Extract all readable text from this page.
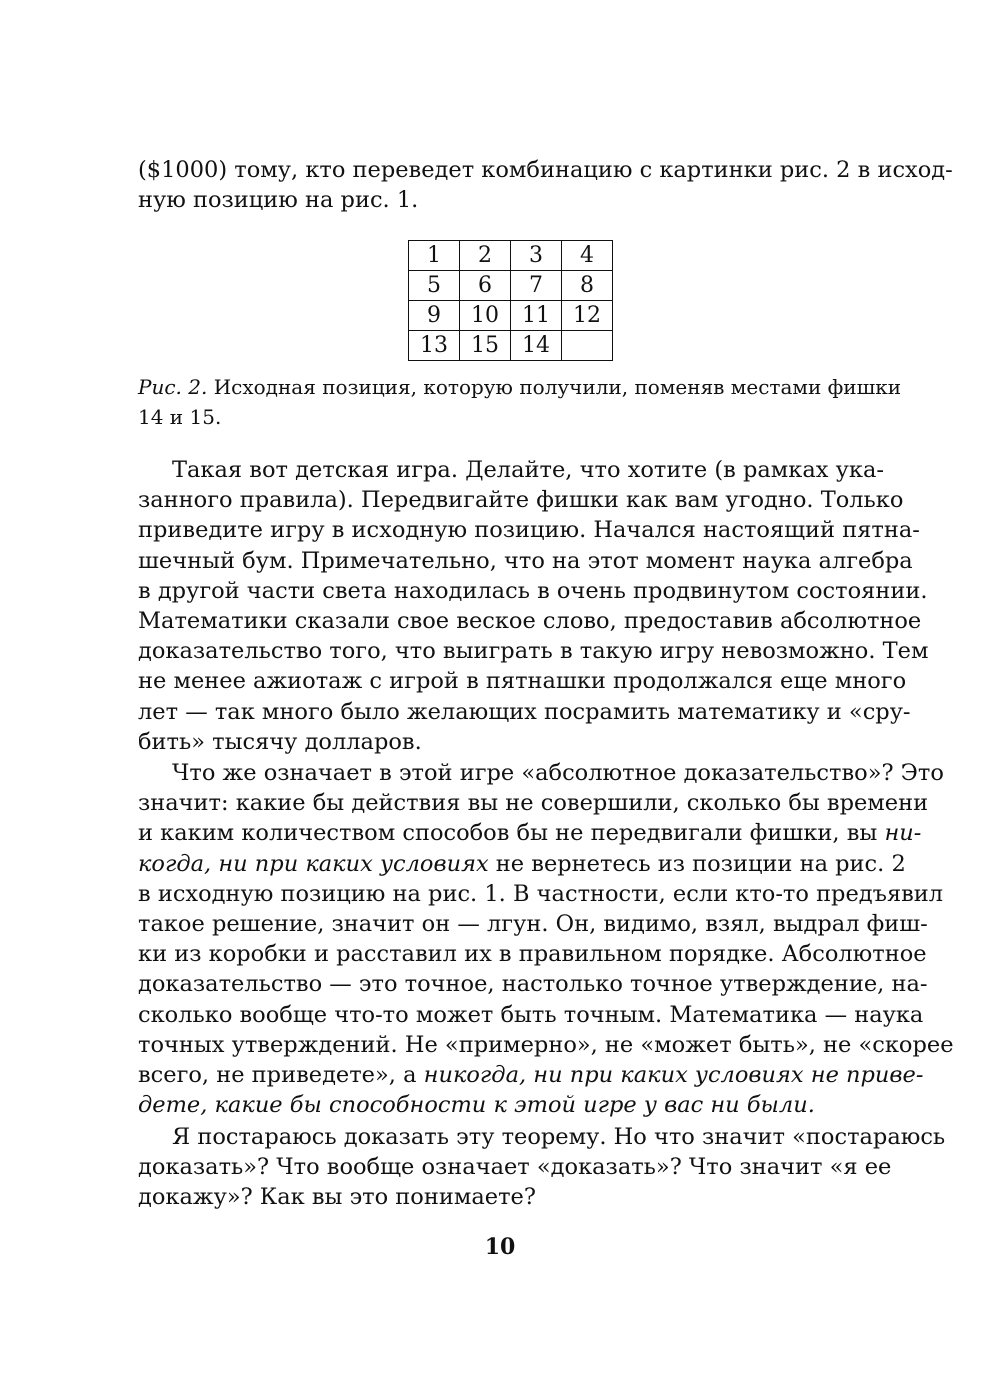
($1000) тому, кто переведет комбинацию с картинки рис. 2 в исход-
ную позицию на рис. 1.

1	2	3	4
5	6	7	8
9	10	11	12
13	15	14	

Рис. 2. Исходная позиция, которую получили, поменяв местами фишки
14 и 15.

Такая вот детская игра. Делайте, что хотите (в рамках ука-
занного правила). Передвигайте фишки как вам угодно. Только
приведите игру в исходную позицию. Начался настоящий пятна-
шечный бум. Примечательно, что на этот момент наука алгебра
в другой части света находилась в очень продвинутом состоянии.
Математики сказали свое веское слово, предоставив абсолютное
доказательство того, что выиграть в такую игру невозможно. Тем
не менее ажиотаж с игрой в пятнашки продолжался еще много
лет — так много было желающих посрамить математику и «сру-
бить» тысячу долларов.

Что же означает в этой игре «абсолютное доказательство»? Это
значит: какие бы действия вы не совершили, сколько бы времени
и каким количеством способов бы не передвигали фишки, вы ни-
когда, ни при каких условиях не вернетесь из позиции на рис. 2
в исходную позицию на рис. 1. В частности, если кто-то предъявил
такое решение, значит он — лгун. Он, видимо, взял, выдрал фиш-
ки из коробки и расставил их в правильном порядке. Абсолютное
доказательство — это точное, настолько точное утверждение, на-
сколько вообще что-то может быть точным. Математика — наука
точных утверждений. Не «примерно», не «может быть», не «скорее
всего, не приведете», а никогда, ни при каких условиях не приве-
дете, какие бы способности к этой игре у вас ни были.

Я постараюсь доказать эту теорему. Но что значит «постараюсь
доказать»? Что вообще означает «доказать»? Что значит «я ее
докажу»? Как вы это понимаете?

10
